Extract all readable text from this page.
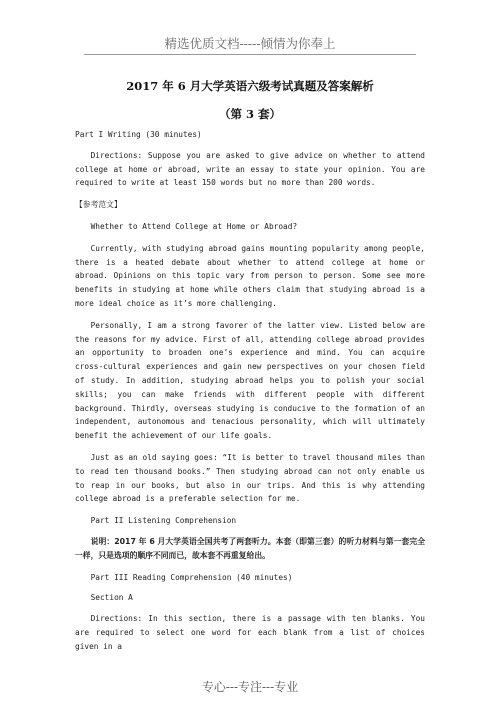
精选优质文档-----倾情为你奉上
2017 年 6 月大学英语六级考试真题及答案解析
（第 3 套）

Part I Writing (30 minutes)

Directions: Suppose you are asked to give advice on whether to attend college at home or abroad, write an essay to state your opinion. You are required to write at least 150 words but no more than 200 words.

【参考范文】

Whether to Attend College at Home or Abroad?

Currently, with studying abroad gains mounting popularity among people, there is a heated debate about whether to attend college at home or abroad. Opinions on this topic vary from person to person. Some see more benefits in studying at home while others claim that studying abroad is a more ideal choice as it’s more challenging.

Personally, I am a strong favorer of the latter view. Listed below are the reasons for my advice. First of all, attending college abroad provides an opportunity to broaden one’s experience and mind. You can acquire cross-cultural experiences and gain new perspectives on your chosen field of study. In addition, studying abroad helps you to polish your social skills; you can make friends with different people with different background. Thirdly, overseas studying is conducive to the formation of an independent, autonomous and tenacious personality, which will ultimately benefit the achievement of our life goals.

Just as an old saying goes: “It is better to travel thousand miles than to read ten thousand books.” Then studying abroad can not only enable us to reap in our books, but also in our trips. And this is why attending college abroad is a preferable selection for me.

Part II Listening Comprehension

说明：2017 年 6 月大学英语全国共考了两套听力。本套（即第三套）的听力材料与第一套完全一样，只是选项的顺序不同而已，故本套不再重复给出。

Part III Reading Comprehension (40 minutes)

Section A

Directions: In this section, there is a passage with ten blanks. You are required to select one word for each blank from a list of choices given in a

专心---专注---专业
